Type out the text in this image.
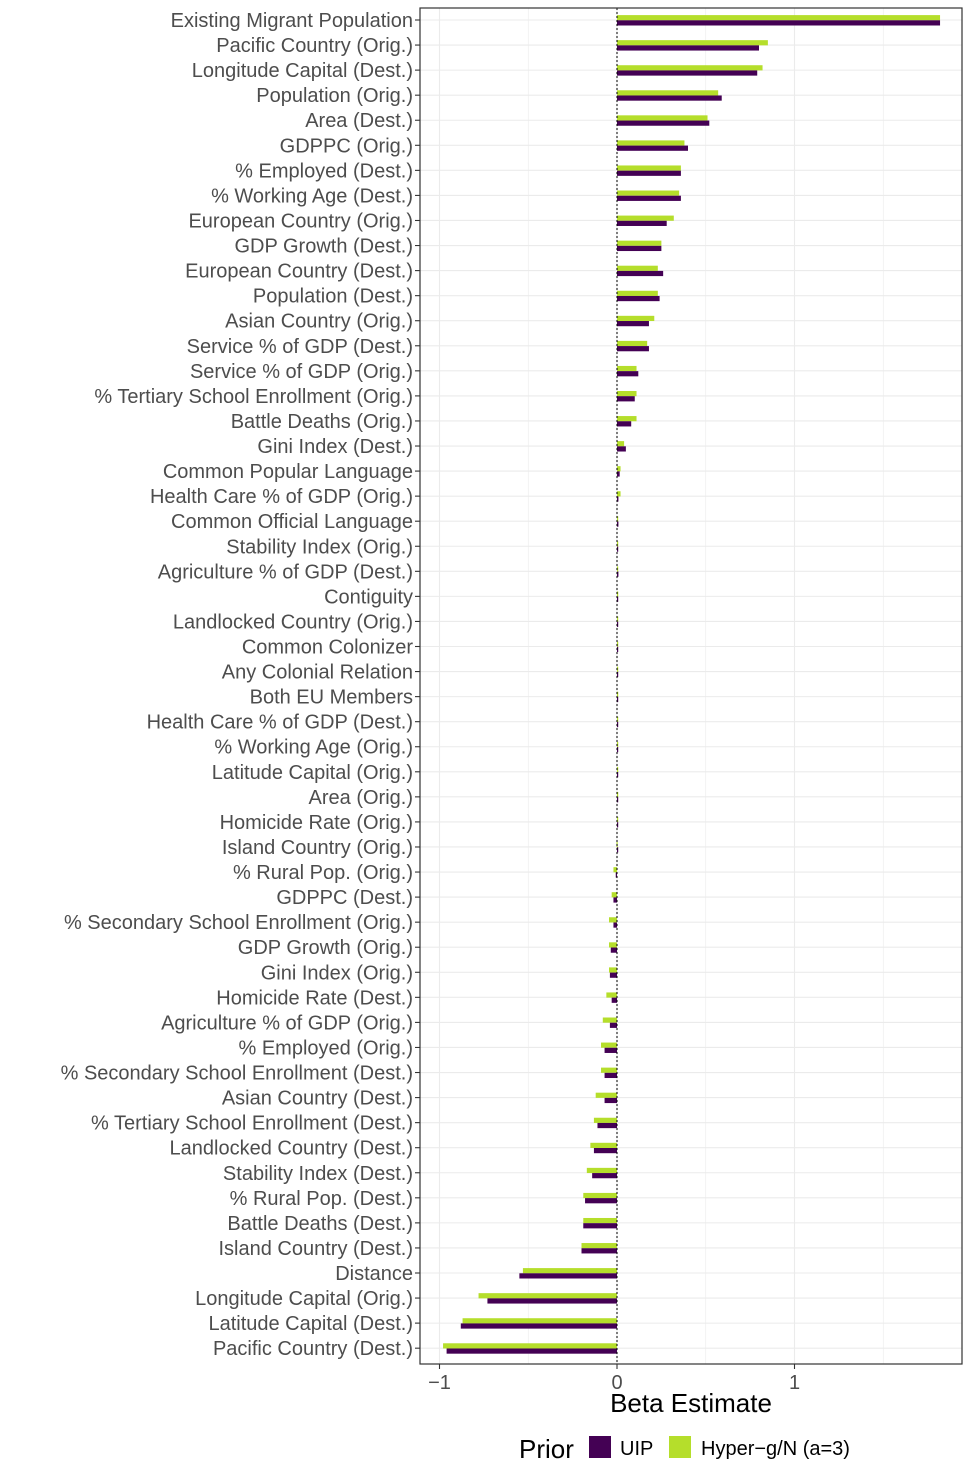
Existing Migrant Population
Pacific Country (Orig.)
Longitude Capital (Dest.)
Population (Orig.)
Area (Dest.)
GDPPC (Orig.)
% Employed (Dest.)
% Working Age (Dest.)
European Country (Orig.)
GDP Growth (Dest.)
European Country (Dest.)
Population (Dest.)
Asian Country (Orig.)
Service % of GDP (Dest.)
Service % of GDP (Orig.)
% Tertiary School Enrollment (Orig.)
Battle Deaths (Orig.)
Gini Index (Dest.)
Common Popular Language
Health Care % of GDP (Orig.)
Common Official Language
Stability Index (Orig.)
Agriculture % of GDP (Dest.)
Contiguity
Landlocked Country (Orig.)
Common Colonizer
Any Colonial Relation
Both EU Members
Health Care % of GDP (Dest.)
% Working Age (Orig.)
Latitude Capital (Orig.)
Area (Orig.)
Homicide Rate (Orig.)
Island Country (Orig.)
% Rural Pop. (Orig.)
GDPPC (Dest.)
% Secondary School Enrollment (Orig.)
GDP Growth (Orig.)
Gini Index (Orig.)
Homicide Rate (Dest.)
Agriculture % of GDP (Orig.)
% Employed (Orig.)
% Secondary School Enrollment (Dest.)
Asian Country (Dest.)
% Tertiary School Enrollment (Dest.)
Landlocked Country (Dest.)
Stability Index (Dest.)
% Rural Pop. (Dest.)
Battle Deaths (Dest.)
Island Country (Dest.)
Distance
Longitude Capital (Orig.)
Latitude Capital (Dest.)
Pacific Country (Dest.)
Beta Estimate
−1	0	1
Prior UIP Hyper−g/N (a=3)
